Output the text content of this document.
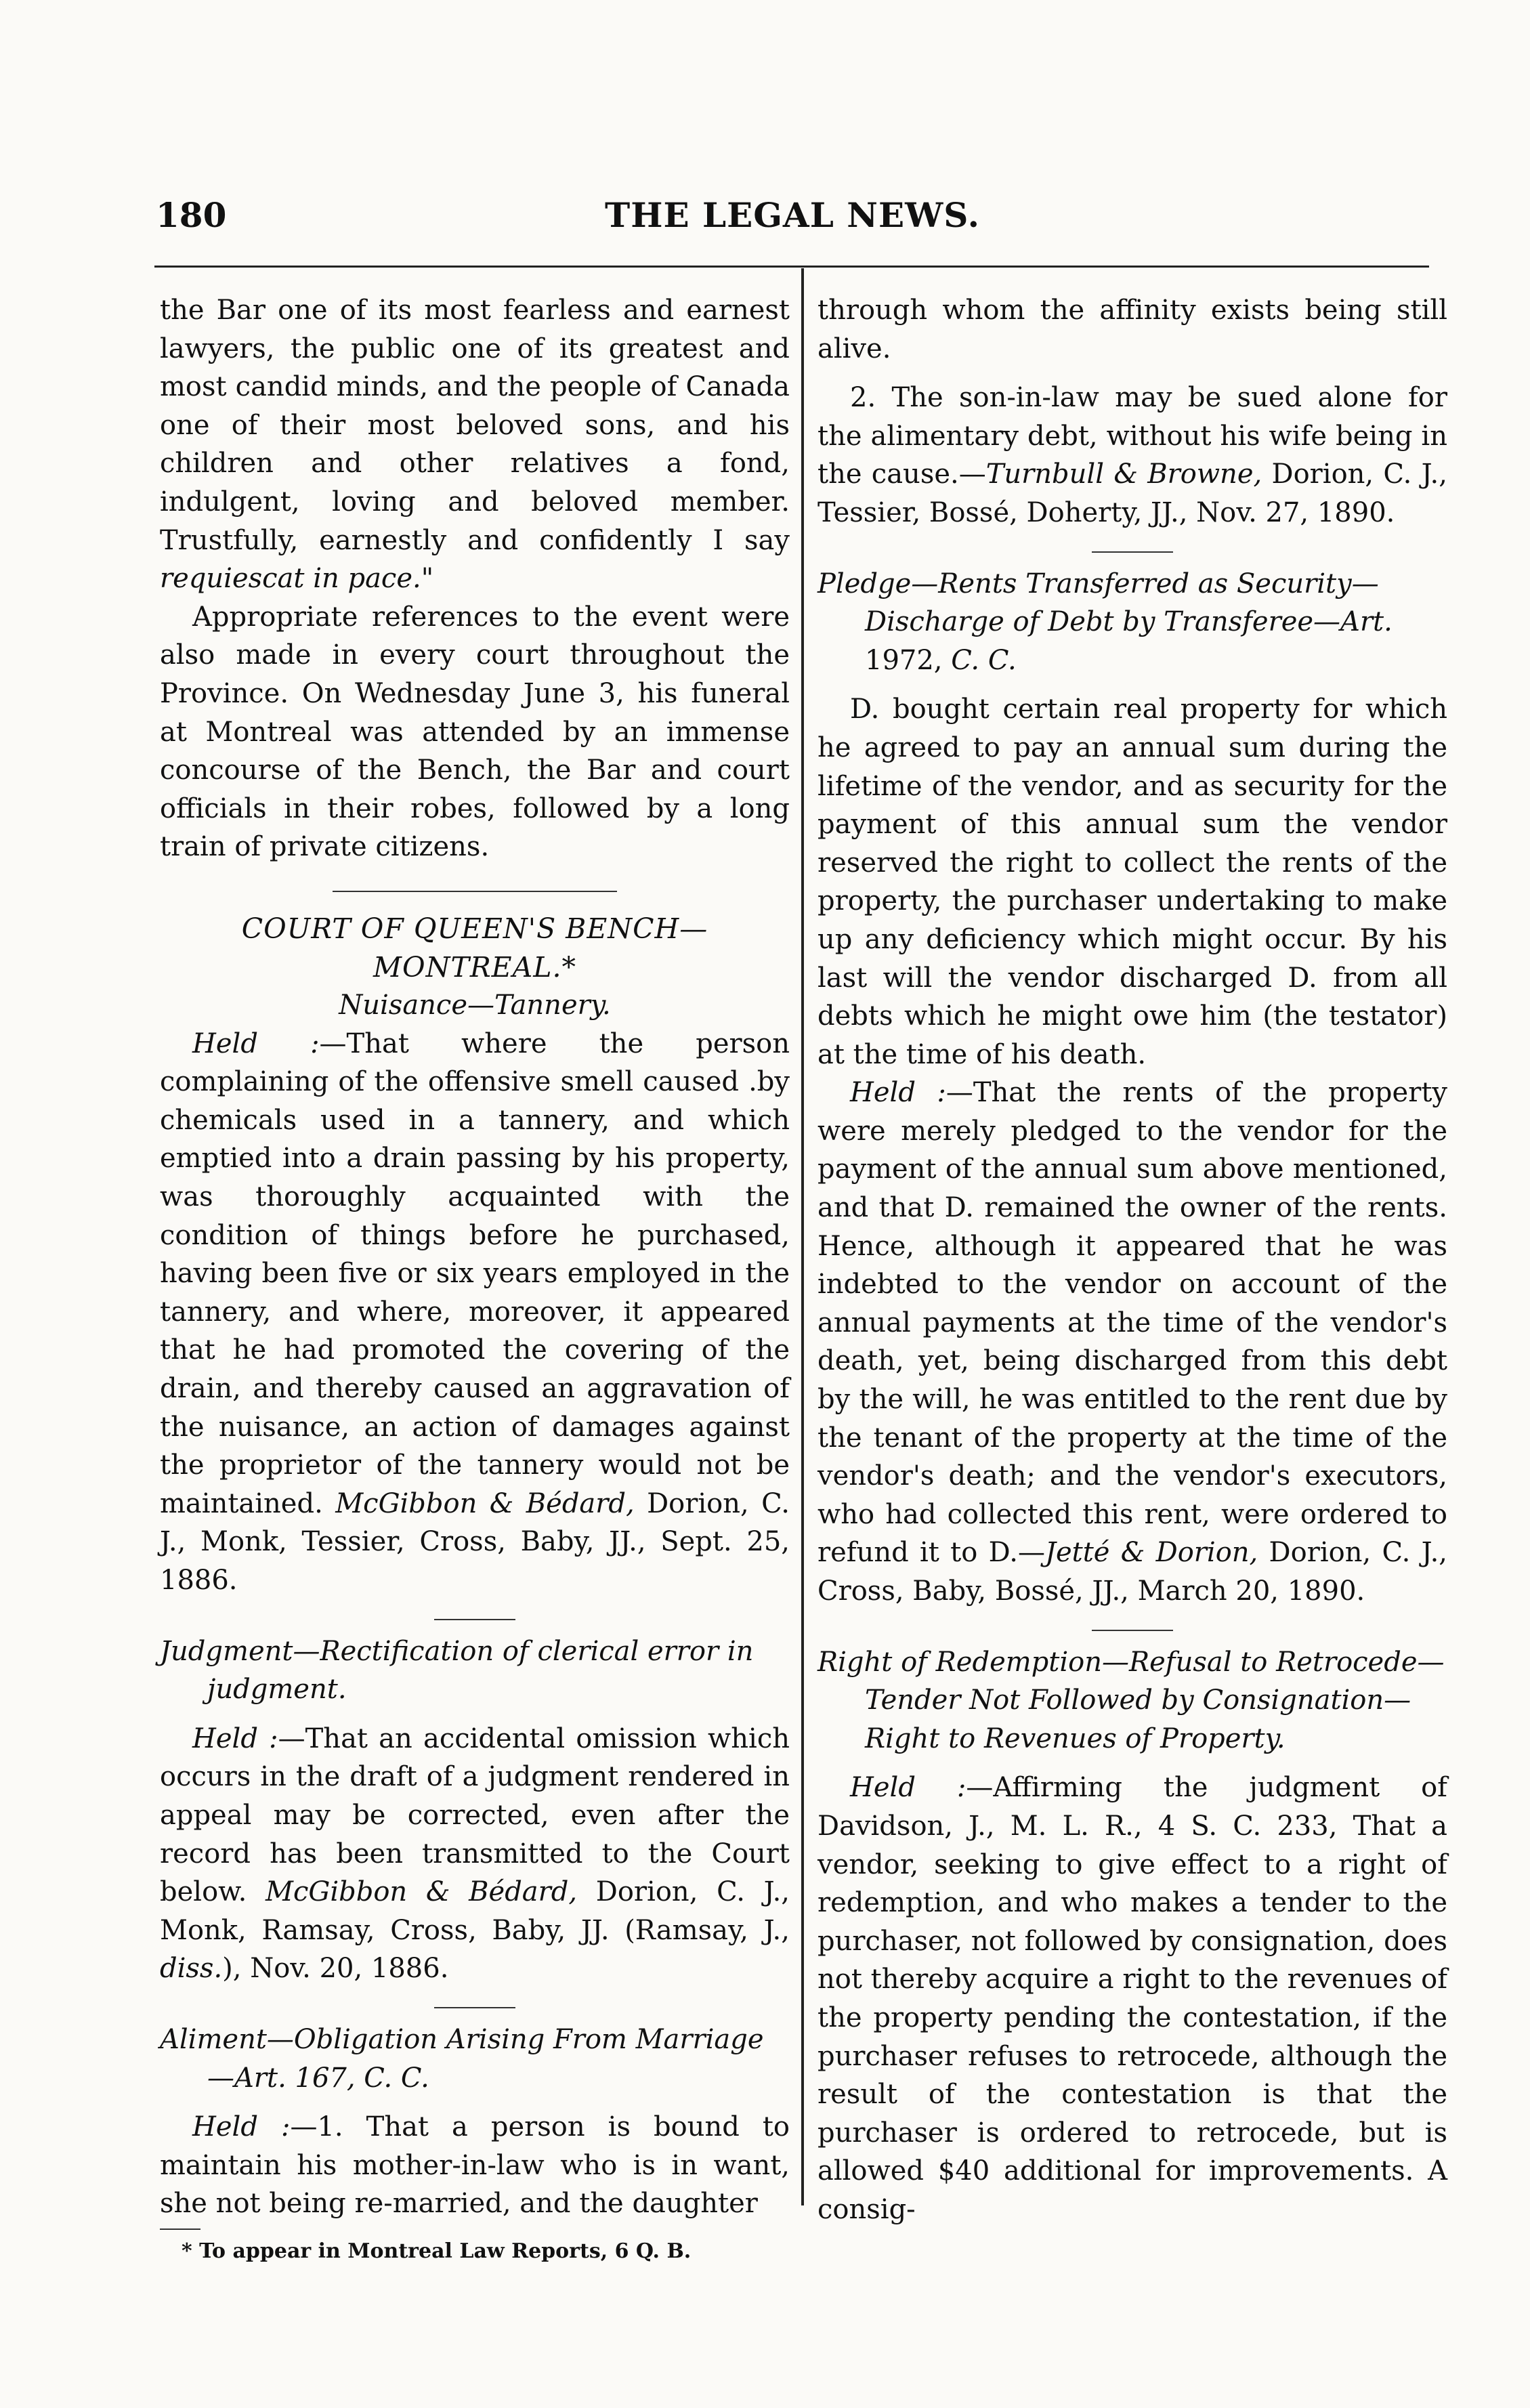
180	THE LEGAL NEWS.

the Bar one of its most fearless and earnest lawyers, the public one of its greatest and most candid minds, and the people of Canada one of their most beloved sons, and his children and other relatives a fond, indulgent, loving and beloved member. Trustfully, earnestly and confidently I say requiescat in pace."

Appropriate references to the event were also made in every court throughout the Province. On Wednesday June 3, his funeral at Montreal was attended by an immense concourse of the Bench, the Bar and court officials in their robes, followed by a long train of private citizens.

COURT OF QUEEN'S BENCH—MONTREAL.*

Nuisance—Tannery.

Held :—That where the person complaining of the offensive smell caused .by chemicals used in a tannery, and which emptied into a drain passing by his property, was thoroughly acquainted with the condition of things before he purchased, having been five or six years employed in the tannery, and where, moreover, it appeared that he had promoted the covering of the drain, and thereby caused an aggravation of the nuisance, an action of damages against the proprietor of the tannery would not be maintained. McGibbon & Bédard, Dorion, C. J., Monk, Tessier, Cross, Baby, JJ., Sept. 25, 1886.

Judgment—Rectification of clerical error in judgment.

Held :—That an accidental omission which occurs in the draft of a judgment rendered in appeal may be corrected, even after the record has been transmitted to the Court below. McGibbon & Bédard, Dorion, C. J., Monk, Ramsay, Cross, Baby, JJ. (Ramsay, J., diss.), Nov. 20, 1886.

Aliment—Obligation Arising From Marriage—Art. 167, C. C.

Held :—1. That a person is bound to maintain his mother-in-law who is in want, she not being re-married, and the daughter

* To appear in Montreal Law Reports, 6 Q. B.

through whom the affinity exists being still alive.

2. The son-in-law may be sued alone for the alimentary debt, without his wife being in the cause.—Turnbull & Browne, Dorion, C. J., Tessier, Bossé, Doherty, JJ., Nov. 27, 1890.

Pledge—Rents Transferred as Security—Discharge of Debt by Transferee—Art. 1972, C. C.

D. bought certain real property for which he agreed to pay an annual sum during the lifetime of the vendor, and as security for the payment of this annual sum the vendor reserved the right to collect the rents of the property, the purchaser undertaking to make up any deficiency which might occur. By his last will the vendor discharged D. from all debts which he might owe him (the testator) at the time of his death.

Held :—That the rents of the property were merely pledged to the vendor for the payment of the annual sum above mentioned, and that D. remained the owner of the rents. Hence, although it appeared that he was indebted to the vendor on account of the annual payments at the time of the vendor's death, yet, being discharged from this debt by the will, he was entitled to the rent due by the tenant of the property at the time of the vendor's death; and the vendor's executors, who had collected this rent, were ordered to refund it to D.—Jetté & Dorion, Dorion, C. J., Cross, Baby, Bossé, JJ., March 20, 1890.

Right of Redemption—Refusal to Retrocede—Tender Not Followed by Consignation—Right to Revenues of Property.

Held :—Affirming the judgment of Davidson, J., M. L. R., 4 S. C. 233, That a vendor, seeking to give effect to a right of redemption, and who makes a tender to the purchaser, not followed by consignation, does not thereby acquire a right to the revenues of the property pending the contestation, if the purchaser refuses to retrocede, although the result of the contestation is that the purchaser is ordered to retrocede, but is allowed $40 additional for improvements. A consig-
